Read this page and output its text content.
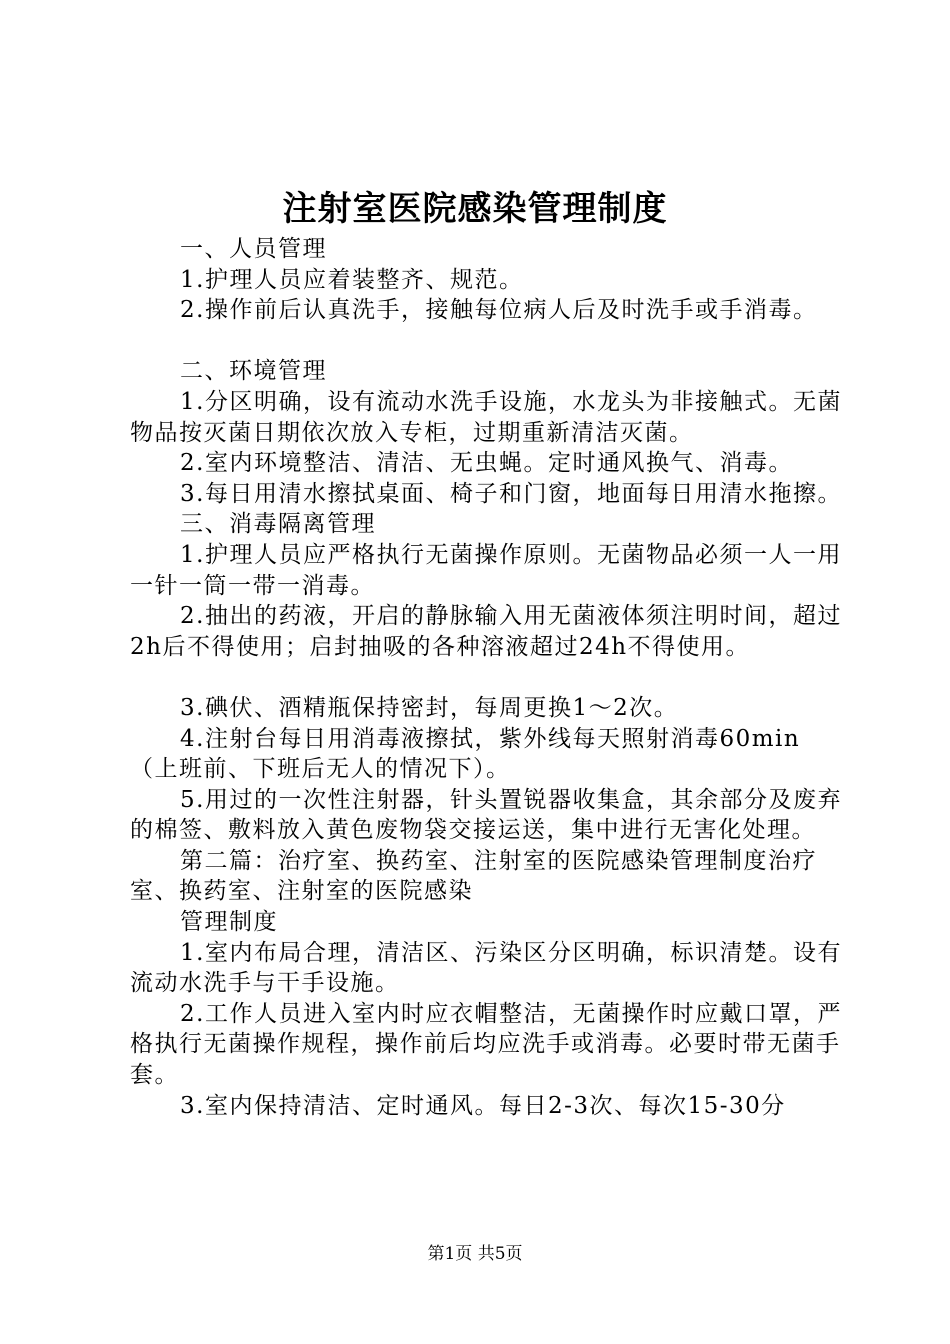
注射室医院感染管理制度

一、人员管理

1.护理人员应着装整齐、规范。

2.操作前后认真洗手，接触每位病人后及时洗手或手消毒。

二、环境管理

1.分区明确，设有流动水洗手设施，水龙头为非接触式。无菌物品按灭菌日期依次放入专柜，过期重新清洁灭菌。

2.室内环境整洁、清洁、无虫蝇。定时通风换气、消毒。

3.每日用清水擦拭桌面、椅子和门窗，地面每日用清水拖擦。

三、消毒隔离管理

1.护理人员应严格执行无菌操作原则。无菌物品必须一人一用一针一筒一带一消毒。

2.抽出的药液，开启的静脉输入用无菌液体须注明时间，超过2h后不得使用；启封抽吸的各种溶液超过24h不得使用。

3.碘伏、酒精瓶保持密封，每周更换1～2次。

4.注射台每日用消毒液擦拭，紫外线每天照射消毒60min（上班前、下班后无人的情况下）。

5.用过的一次性注射器，针头置锐器收集盒，其余部分及废弃的棉签、敷料放入黄色废物袋交接运送，集中进行无害化处理。

第二篇：治疗室、换药室、注射室的医院感染管理制度治疗室、换药室、注射室的医院感染

管理制度

1.室内布局合理，清洁区、污染区分区明确，标识清楚。设有流动水洗手与干手设施。

2.工作人员进入室内时应衣帽整洁，无菌操作时应戴口罩，严格执行无菌操作规程，操作前后均应洗手或消毒。必要时带无菌手套。

3.室内保持清洁、定时通风。每日2-3次、每次15-30分

第1页 共5页
